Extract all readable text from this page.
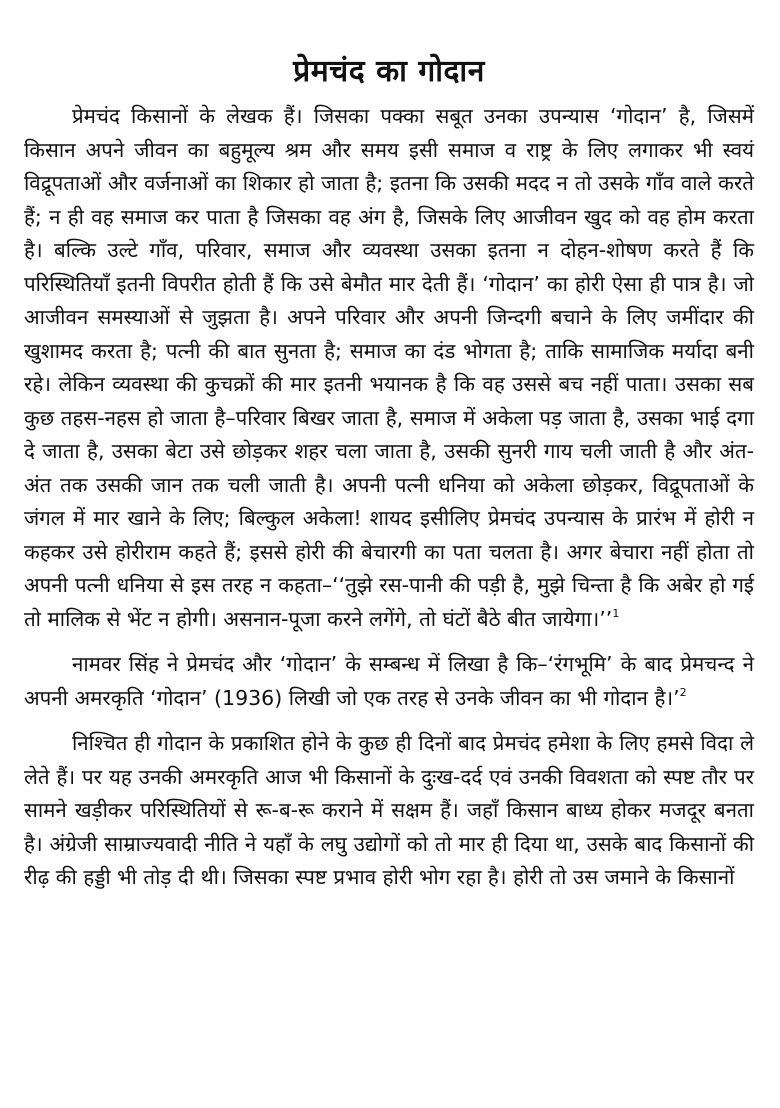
प्रेमचंद का गोदान

प्रेमचंद किसानों के लेखक हैं। जिसका पक्का सबूत उनका उपन्यास ‘गोदान’ है, जिसमें किसान अपने जीवन का बहुमूल्य श्रम और समय इसी समाज व राष्ट्र के लिए लगाकर भी स्वयं विद्रूपताओं और वर्जनाओं का शिकार हो जाता है; इतना कि उसकी मदद न तो उसके गाँव वाले करते हैं; न ही वह समाज कर पाता है जिसका वह अंग है, जिसके लिए आजीवन खुद को वह होम करता है। बल्कि उल्टे गाँव, परिवार, समाज और व्यवस्था उसका इतना न दोहन-शोषण करते हैं कि परिस्थितियाँ इतनी विपरीत होती हैं कि उसे बेमौत मार देती हैं। ‘गोदान’ का होरी ऐसा ही पात्र है। जो आजीवन समस्याओं से जुझता है। अपने परिवार और अपनी जिन्दगी बचाने के लिए जमींदार की खुशामद करता है; पत्नी की बात सुनता है; समाज का दंड भोगता है; ताकि सामाजिक मर्यादा बनी रहे। लेकिन व्यवस्था की कुचक्रों की मार इतनी भयानक है कि वह उससे बच नहीं पाता। उसका सब कुछ तहस-नहस हो जाता है–परिवार बिखर जाता है, समाज में अकेला पड़ जाता है, उसका भाई दगा दे जाता है, उसका बेटा उसे छोड़कर शहर चला जाता है, उसकी सुनरी गाय चली जाती है और अंत-अंत तक उसकी जान तक चली जाती है। अपनी पत्नी धनिया को अकेला छोड़कर, विद्रूपताओं के जंगल में मार खाने के लिए; बिल्कुल अकेला! शायद इसीलिए प्रेमचंद उपन्यास के प्रारंभ में होरी न कहकर उसे होरीराम कहते हैं; इससे होरी की बेचारगी का पता चलता है। अगर बेचारा नहीं होता तो अपनी पत्नी धनिया से इस तरह न कहता–‘‘तुझे रस-पानी की पड़ी है, मुझे चिन्ता है कि अबेर हो गई तो मालिक से भेंट न होगी। असनान-पूजा करने लगेंगे, तो घंटों बैठे बीत जायेगा।’’$^1$

नामवर सिंह ने प्रेमचंद और ‘गोदान’ के सम्बन्ध में लिखा है कि–‘रंगभूमि’ के बाद प्रेमचन्द ने अपनी अमरकृति ‘गोदान’ (1936) लिखी जो एक तरह से उनके जीवन का भी गोदान है।’$^2$

निश्चित ही गोदान के प्रकाशित होने के कुछ ही दिनों बाद प्रेमचंद हमेशा के लिए हमसे विदा ले लेते हैं। पर यह उनकी अमरकृति आज भी किसानों के दुःख-दर्द एवं उनकी विवशता को स्पष्ट तौर पर सामने खड़ीकर परिस्थितियों से रू-ब-रू कराने में सक्षम हैं। जहाँ किसान बाध्य होकर मजदूर बनता है। अंग्रेजी साम्राज्यवादी नीति ने यहाँ के लघु उद्योगों को तो मार ही दिया था, उसके बाद किसानों की रीढ़ की हड्डी भी तोड़ दी थी। जिसका स्पष्ट प्रभाव होरी भोग रहा है। होरी तो उस जमाने के किसानों
